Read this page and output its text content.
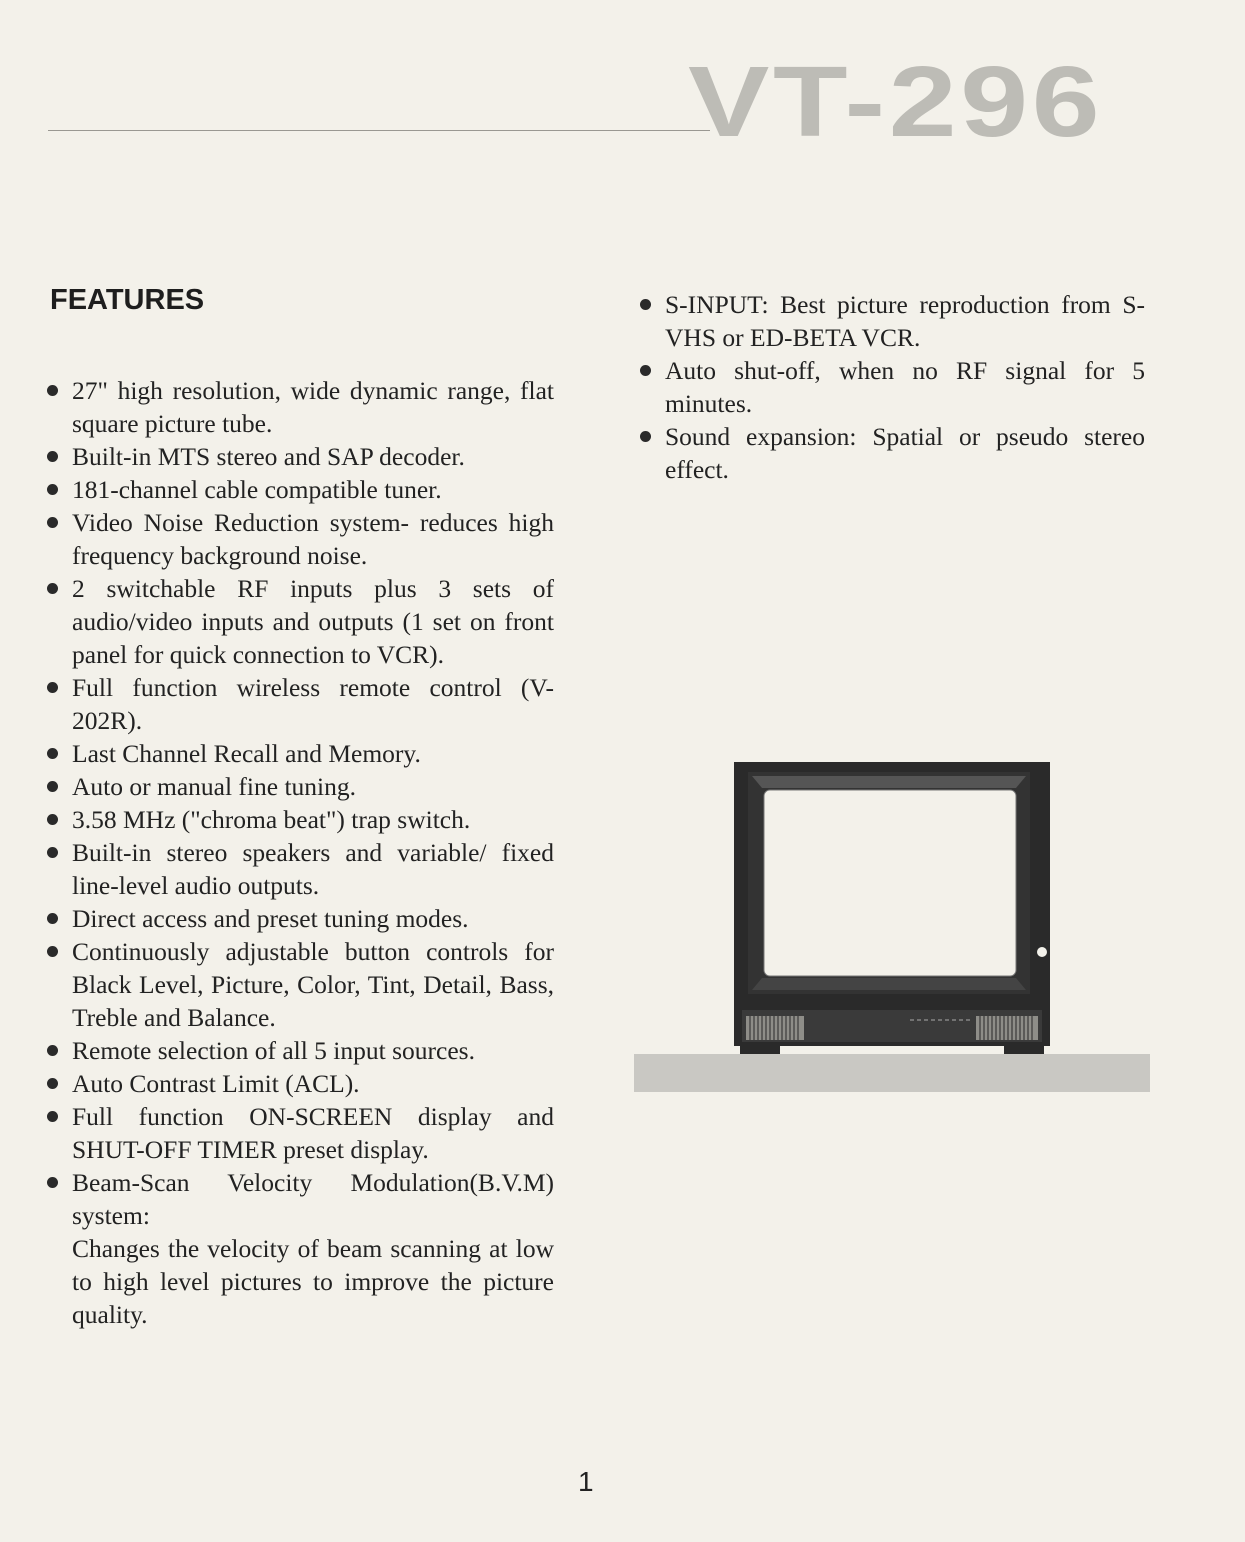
VT-296
FEATURES
27" high resolution, wide dynamic range, flat square picture tube.
Built-in MTS stereo and SAP decoder.
181-channel cable compatible tuner.
Video Noise Reduction system- reduces high frequency background noise.
2 switchable RF inputs plus 3 sets of audio/video inputs and outputs (1 set on front panel for quick connection to VCR).
Full function wireless remote control (V-202R).
Last Channel Recall and Memory.
Auto or manual fine tuning.
3.58 MHz ("chroma beat") trap switch.
Built-in stereo speakers and variable/ fixed line-level audio outputs.
Direct access and preset tuning modes.
Continuously adjustable button controls for Black Level, Picture, Color, Tint, Detail, Bass, Treble and Balance.
Remote selection of all 5 input sources.
Auto Contrast Limit (ACL).
Full function ON-SCREEN display and SHUT-OFF TIMER preset display.
Beam-Scan Velocity Modulation(B.V.M) system:
Changes the velocity of beam scanning at low to high level pictures to improve the picture quality.
S-INPUT: Best picture reproduction from S-VHS or ED-BETA VCR.
Auto shut-off, when no RF signal for 5 minutes.
Sound expansion: Spatial or pseudo stereo effect.
1
